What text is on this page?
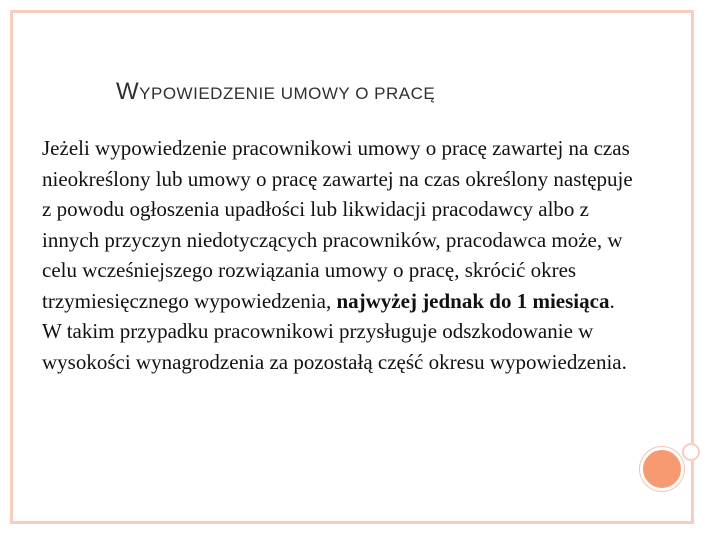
WYPOWIEDZENIE UMOWY O PRACĘ

Jeżeli wypowiedzenie pracownikowi umowy o pracę zawartej na czas nieokreślony lub umowy o pracę zawartej na czas określony następuje z powodu ogłoszenia upadłości lub likwidacji pracodawcy albo z innych przyczyn niedotyczących pracowników, pracodawca może, w celu wcześniejszego rozwiązania umowy o pracę, skrócić okres trzymiesięcznego wypowiedzenia, najwyżej jednak do 1 miesiąca.

W takim przypadku pracownikowi przysługuje odszkodowanie w wysokości wynagrodzenia za pozostałą część okresu wypowiedzenia.
